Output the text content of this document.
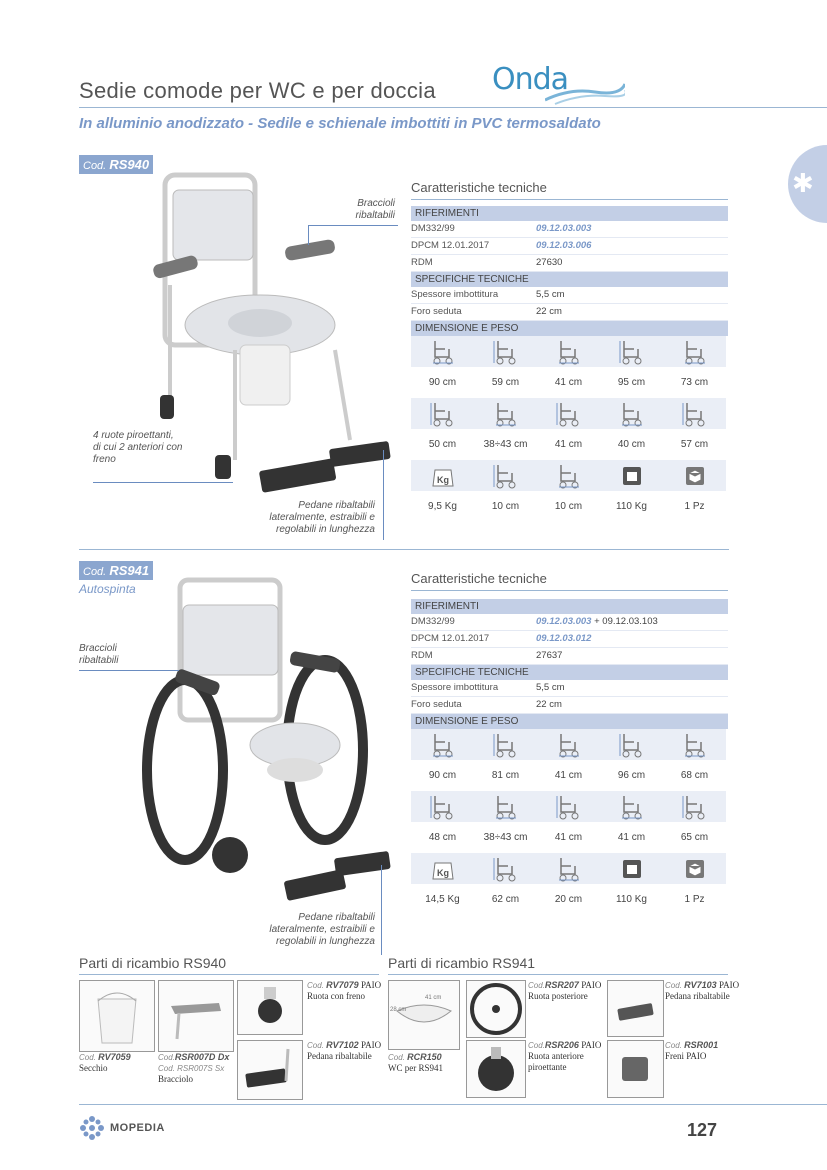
Sedie comode per WC e per doccia Onda
In alluminio anodizzato - Sedile e schienale imbottiti in PVC termosaldato
✱
Cod. RS940
Braccioli ribaltabili
4 ruote piroettanti, di cui 2 anteriori con freno
Pedane ribaltabili lateralmente, estraibili e regolabili in lunghezza
Caratteristiche tecniche
RIFERIMENTI
DM332/99	09.12.03.003
DPCM 12.01.2017	09.12.03.006
RDM	27630
SPECIFICHE TECNICHE
Spessore imbottitura	5,5 cm
Foro seduta	22 cm
DIMENSIONE E PESO
90 cm	59 cm	41 cm	95 cm	73 cm
50 cm	38÷43 cm	41 cm	40 cm	57 cm
Kg
9,5 Kg	10 cm	10 cm	110 Kg	1 Pz
Cod. RS941
Autospinta
Braccioli ribaltabili
Pedane ribaltabili lateralmente, estraibili e regolabili in lunghezza
Caratteristiche tecniche
RIFERIMENTI
DM332/99	09.12.03.003
+ 09.12.03.103
DPCM 12.01.2017	09.12.03.012
RDM	27637
SPECIFICHE TECNICHE
Spessore imbottitura	5,5 cm
Foro seduta	22 cm
DIMENSIONE E PESO
90 cm	81 cm	41 cm	96 cm	68 cm
48 cm	38÷43 cm	41 cm	41 cm	65 cm
Kg
14,5 Kg	62 cm	20 cm	110 Kg	1 Pz
Parti di ricambio RS940	Parti di ricambio RS941
Cod. RV7059
Secchio
Cod.RSR007D Dx
Cod. RSR007S Sx
Bracciolo
Cod. RV7079 PAIO
Ruota con freno
Cod. RV7102 PAIO
Pedana ribaltabile
41 cm
28 cm
Cod. RCR150
WC per RS941
Cod.RSR207 PAIO
Ruota posteriore
Cod. RV7103 PAIO
Pedana ribaltabile
Cod.RSR206 PAIO
Ruota anteriore piroettante
Cod. RSR001
Freni PAIO
MOPEDIA	127
